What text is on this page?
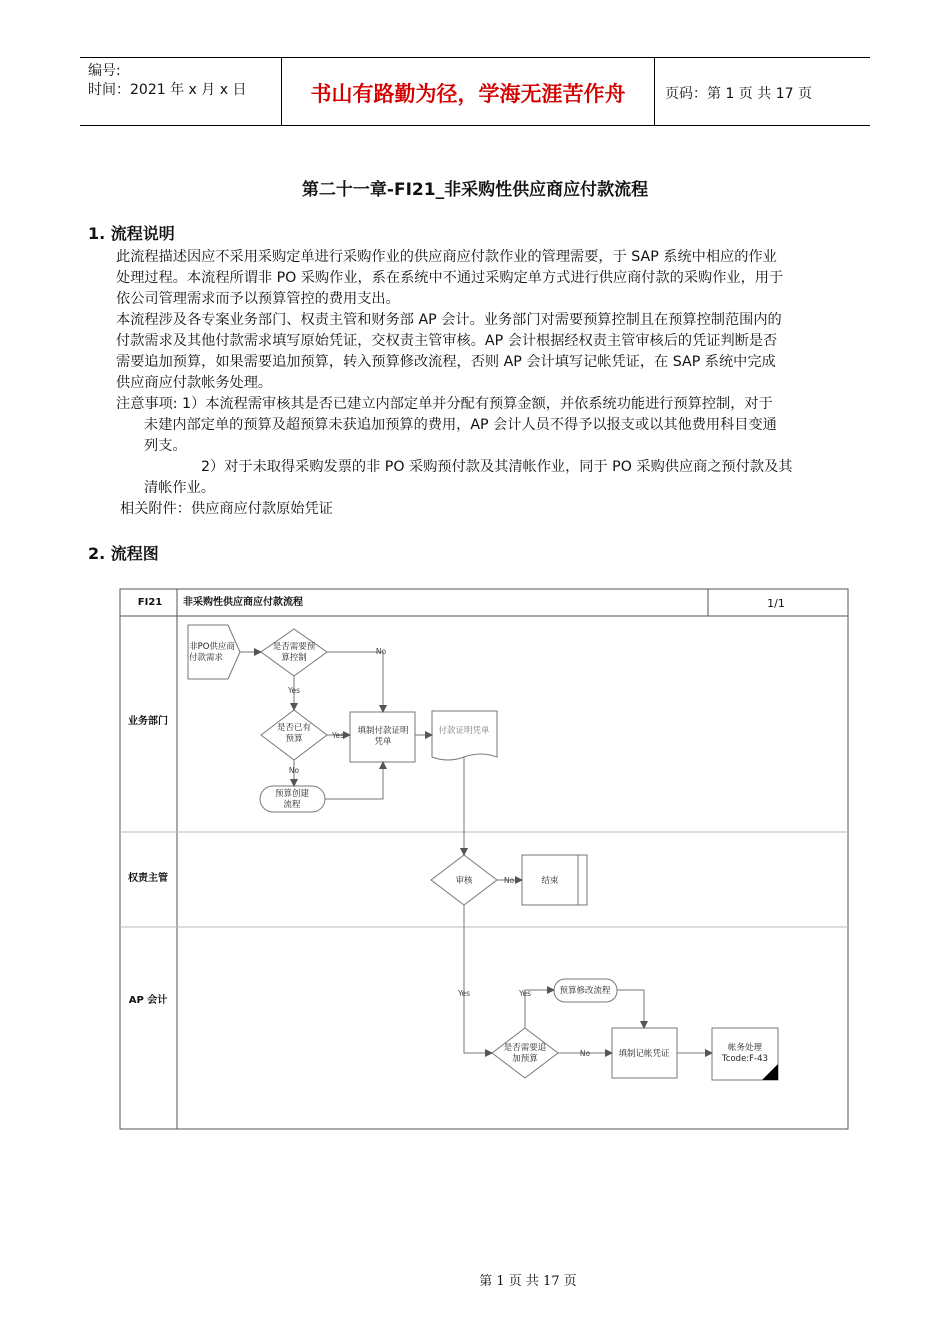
编号:
时间：2021 年 x 月 x 日	书山有路勤为径，学海无涯苦作舟	页码：第 1 页 共 17 页
第二十一章-FI21_非采购性供应商应付款流程
1. 流程说明
此流程描述因应不采用采购定单进行采购作业的供应商应付款作业的管理需要，于 SAP 系统中相应的作业
处理过程。本流程所谓非 PO 采购作业，系在系统中不通过采购定单方式进行供应商付款的采购作业，用于
依公司管理需求而予以预算管控的费用支出。
本流程涉及各专案业务部门、权责主管和财务部 AP 会计。业务部门对需要预算控制且在预算控制范围内的
付款需求及其他付款需求填写原始凭证，交权责主管审核。AP 会计根据经权责主管审核后的凭证判断是否
需要追加预算，如果需要追加预算，转入预算修改流程，否则 AP 会计填写记帐凭证，在 SAP 系统中完成
供应商应付款帐务处理。
注意事项: 1）本流程需审核其是否已建立内部定单并分配有预算金额，并依系统功能进行预算控制，对于
未建内部定单的预算及超预算未获追加预算的费用，AP 会计人员不得予以报支或以其他费用科目变通
列支。
2）对于未取得采购发票的非 PO 采购预付款及其清帐作业，同于 PO 采购供应商之预付款及其
清帐作业。
相关附件：供应商应付款原始凭证
2. 流程图
FI21 非采购性供应商应付款流程
业务部门
权责主管
AP 会计
1/1
非PO供应商
付款需求
是否需要预
算控制
是否已有
预算
预算创建
流程
填制付款证明
凭单
付款证明凭单
审核	结束
预算修改流程
是否需要追
加预算	填制记帐凭证
帐务处理
Tcode:F-43
No
Yes
Yes
No
No
Yes	Yes
No
第 1 页 共 17 页
